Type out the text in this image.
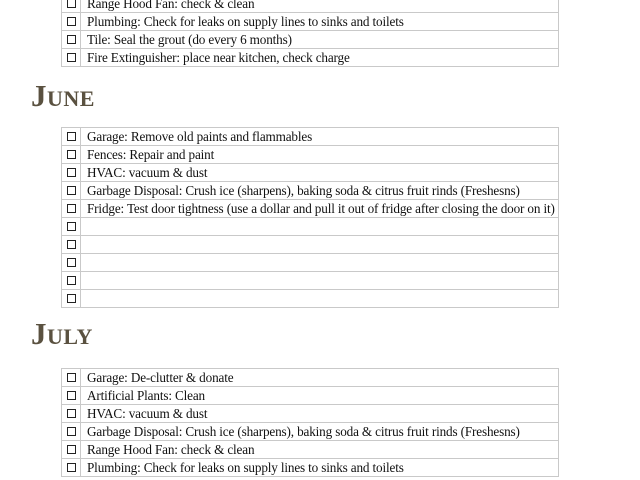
Range Hood Fan: check & clean
Plumbing: Check for leaks on supply lines to sinks and toilets
Tile: Seal the grout (do every 6 months)
Fire Extinguisher: place near kitchen, check charge
June
Garage: Remove old paints and flammables
Fences: Repair and paint
HVAC: vacuum & dust
Garbage Disposal: Crush ice (sharpens), baking soda & citrus fruit rinds (Freshesns)
Fridge: Test door tightness (use a dollar and pull it out of fridge after closing the door on it)
July
Garage: De-clutter & donate
Artificial Plants: Clean
HVAC: vacuum & dust
Garbage Disposal: Crush ice (sharpens), baking soda & citrus fruit rinds (Freshesns)
Range Hood Fan: check & clean
Plumbing: Check for leaks on supply lines to sinks and toilets
